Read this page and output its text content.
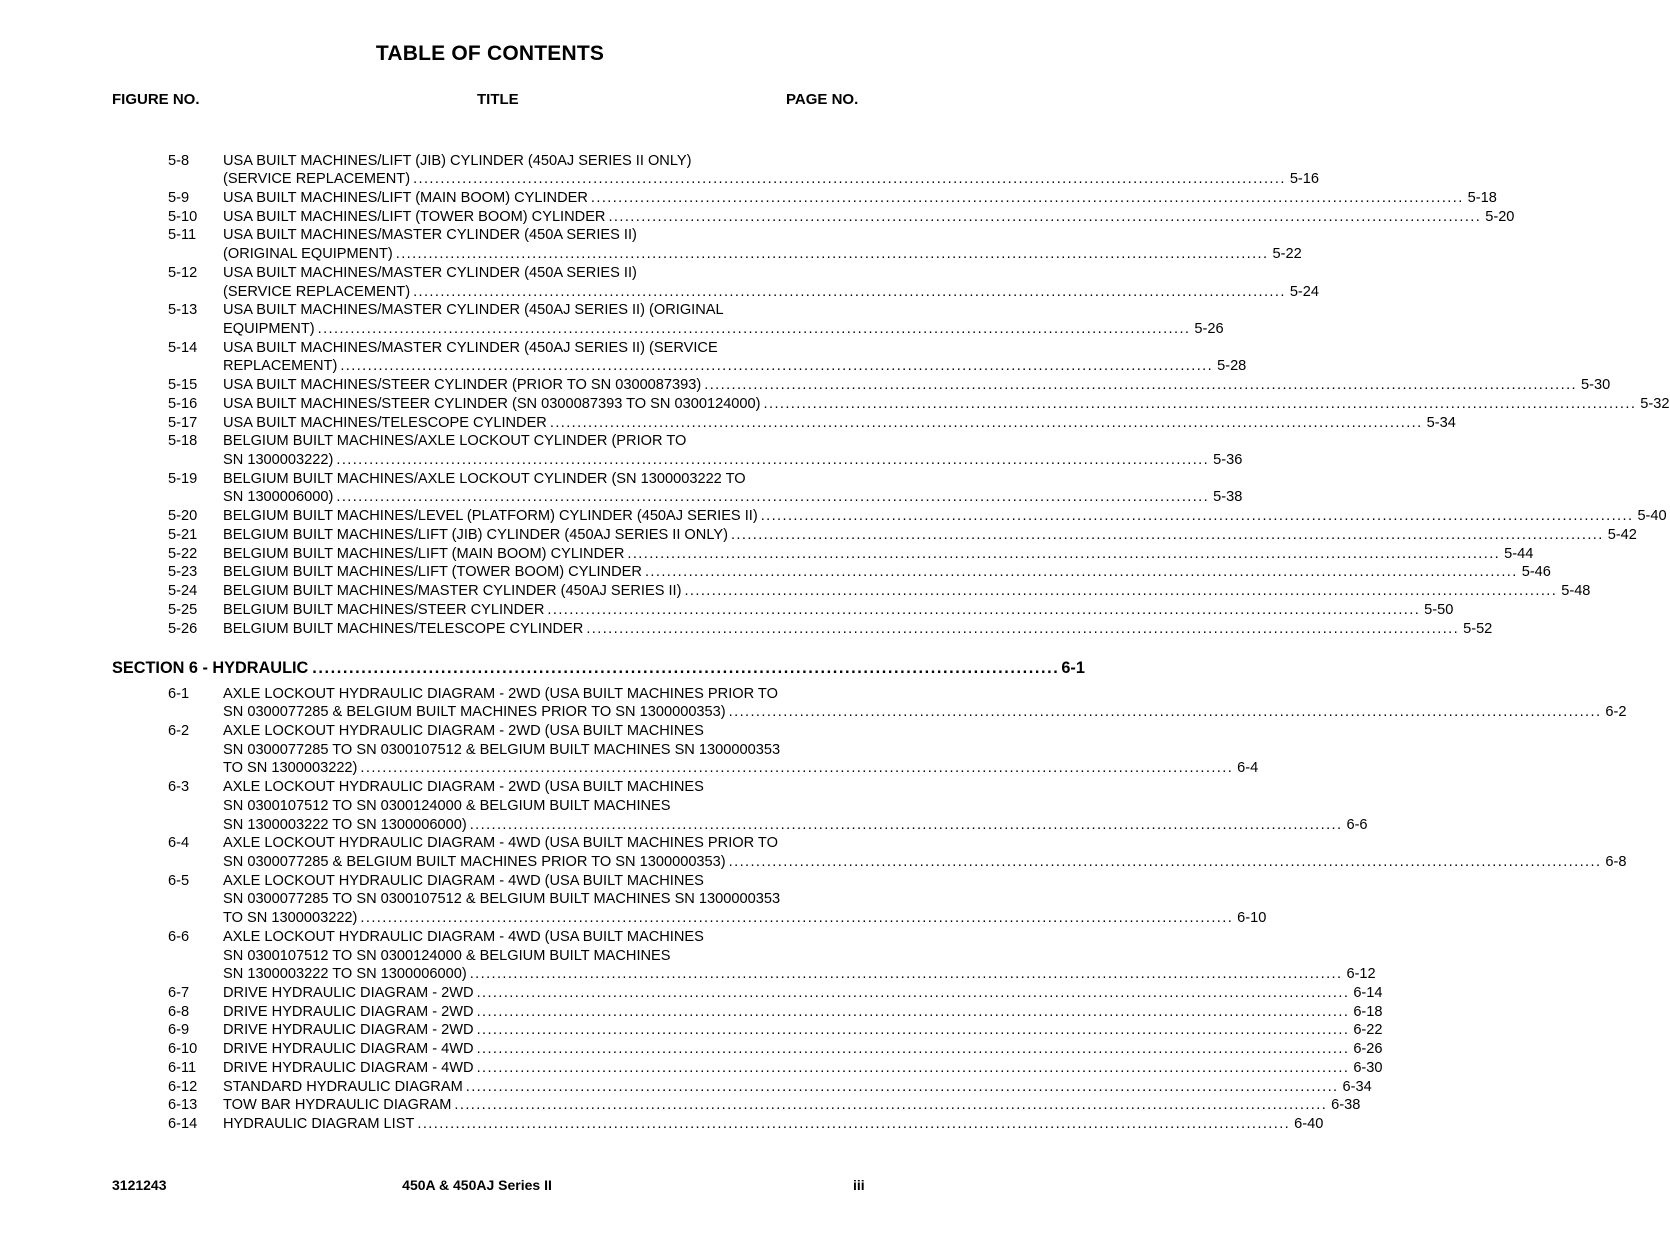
TABLE OF CONTENTS
FIGURE NO.	TITLE	PAGE NO.
5-8 USA BUILT MACHINES/LIFT (JIB) CYLINDER (450AJ SERIES II ONLY)
(SERVICE REPLACEMENT) ................................................................................................................................................................ 5-16
5-9 USA BUILT MACHINES/LIFT (MAIN BOOM) CYLINDER ................................................................................................................................................................ 5-18
5-10 USA BUILT MACHINES/LIFT (TOWER BOOM) CYLINDER ................................................................................................................................................................ 5-20
5-11 USA BUILT MACHINES/MASTER CYLINDER (450A SERIES II)
(ORIGINAL EQUIPMENT) ................................................................................................................................................................ 5-22
5-12 USA BUILT MACHINES/MASTER CYLINDER (450A SERIES II)
(SERVICE REPLACEMENT) ................................................................................................................................................................ 5-24
5-13 USA BUILT MACHINES/MASTER CYLINDER (450AJ SERIES II) (ORIGINAL
EQUIPMENT) ................................................................................................................................................................ 5-26
5-14 USA BUILT MACHINES/MASTER CYLINDER (450AJ SERIES II) (SERVICE
REPLACEMENT) ................................................................................................................................................................ 5-28
5-15 USA BUILT MACHINES/STEER CYLINDER (PRIOR TO SN 0300087393) ................................................................................................................................................................ 5-30
5-16 USA BUILT MACHINES/STEER CYLINDER (SN 0300087393 TO SN 0300124000) ................................................................................................................................................................ 5-32
5-17 USA BUILT MACHINES/TELESCOPE CYLINDER ................................................................................................................................................................ 5-34
5-18 BELGIUM BUILT MACHINES/AXLE LOCKOUT CYLINDER (PRIOR TO
SN 1300003222) ................................................................................................................................................................ 5-36
5-19 BELGIUM BUILT MACHINES/AXLE LOCKOUT CYLINDER (SN 1300003222 TO
SN 1300006000) ................................................................................................................................................................ 5-38
5-20 BELGIUM BUILT MACHINES/LEVEL (PLATFORM) CYLINDER (450AJ SERIES II) ................................................................................................................................................................ 5-40
5-21 BELGIUM BUILT MACHINES/LIFT (JIB) CYLINDER (450AJ SERIES II ONLY) ................................................................................................................................................................ 5-42
5-22 BELGIUM BUILT MACHINES/LIFT (MAIN BOOM) CYLINDER ................................................................................................................................................................ 5-44
5-23 BELGIUM BUILT MACHINES/LIFT (TOWER BOOM) CYLINDER ................................................................................................................................................................ 5-46
5-24 BELGIUM BUILT MACHINES/MASTER CYLINDER (450AJ SERIES II) ................................................................................................................................................................ 5-48
5-25 BELGIUM BUILT MACHINES/STEER CYLINDER ................................................................................................................................................................ 5-50
5-26 BELGIUM BUILT MACHINES/TELESCOPE CYLINDER ................................................................................................................................................................ 5-52
SECTION 6 - HYDRAULIC .......................................................................................................................... 6-1
6-1 AXLE LOCKOUT HYDRAULIC DIAGRAM - 2WD (USA BUILT MACHINES PRIOR TO
SN 0300077285 & BELGIUM BUILT MACHINES PRIOR TO SN 1300000353) ................................................................................................................................................................ 6-2
6-2 AXLE LOCKOUT HYDRAULIC DIAGRAM - 2WD (USA BUILT MACHINES
SN 0300077285 TO SN 0300107512 & BELGIUM BUILT MACHINES SN 1300000353
TO SN 1300003222) ................................................................................................................................................................ 6-4
6-3 AXLE LOCKOUT HYDRAULIC DIAGRAM - 2WD (USA BUILT MACHINES
SN 0300107512 TO SN 0300124000 & BELGIUM BUILT MACHINES
SN 1300003222 TO SN 1300006000) ................................................................................................................................................................ 6-6
6-4 AXLE LOCKOUT HYDRAULIC DIAGRAM - 4WD (USA BUILT MACHINES PRIOR TO
SN 0300077285 & BELGIUM BUILT MACHINES PRIOR TO SN 1300000353) ................................................................................................................................................................ 6-8
6-5 AXLE LOCKOUT HYDRAULIC DIAGRAM - 4WD (USA BUILT MACHINES
SN 0300077285 TO SN 0300107512 & BELGIUM BUILT MACHINES SN 1300000353
TO SN 1300003222) ................................................................................................................................................................ 6-10
6-6 AXLE LOCKOUT HYDRAULIC DIAGRAM - 4WD (USA BUILT MACHINES
SN 0300107512 TO SN 0300124000 & BELGIUM BUILT MACHINES
SN 1300003222 TO SN 1300006000) ................................................................................................................................................................ 6-12
6-7 DRIVE HYDRAULIC DIAGRAM - 2WD ................................................................................................................................................................ 6-14
6-8 DRIVE HYDRAULIC DIAGRAM - 2WD ................................................................................................................................................................ 6-18
6-9 DRIVE HYDRAULIC DIAGRAM - 2WD ................................................................................................................................................................ 6-22
6-10 DRIVE HYDRAULIC DIAGRAM - 4WD ................................................................................................................................................................ 6-26
6-11 DRIVE HYDRAULIC DIAGRAM - 4WD ................................................................................................................................................................ 6-30
6-12 STANDARD HYDRAULIC DIAGRAM ................................................................................................................................................................ 6-34
6-13 TOW BAR HYDRAULIC DIAGRAM ................................................................................................................................................................ 6-38
6-14 HYDRAULIC DIAGRAM LIST ................................................................................................................................................................ 6-40
3121243	450A & 450AJ Series II	iii
